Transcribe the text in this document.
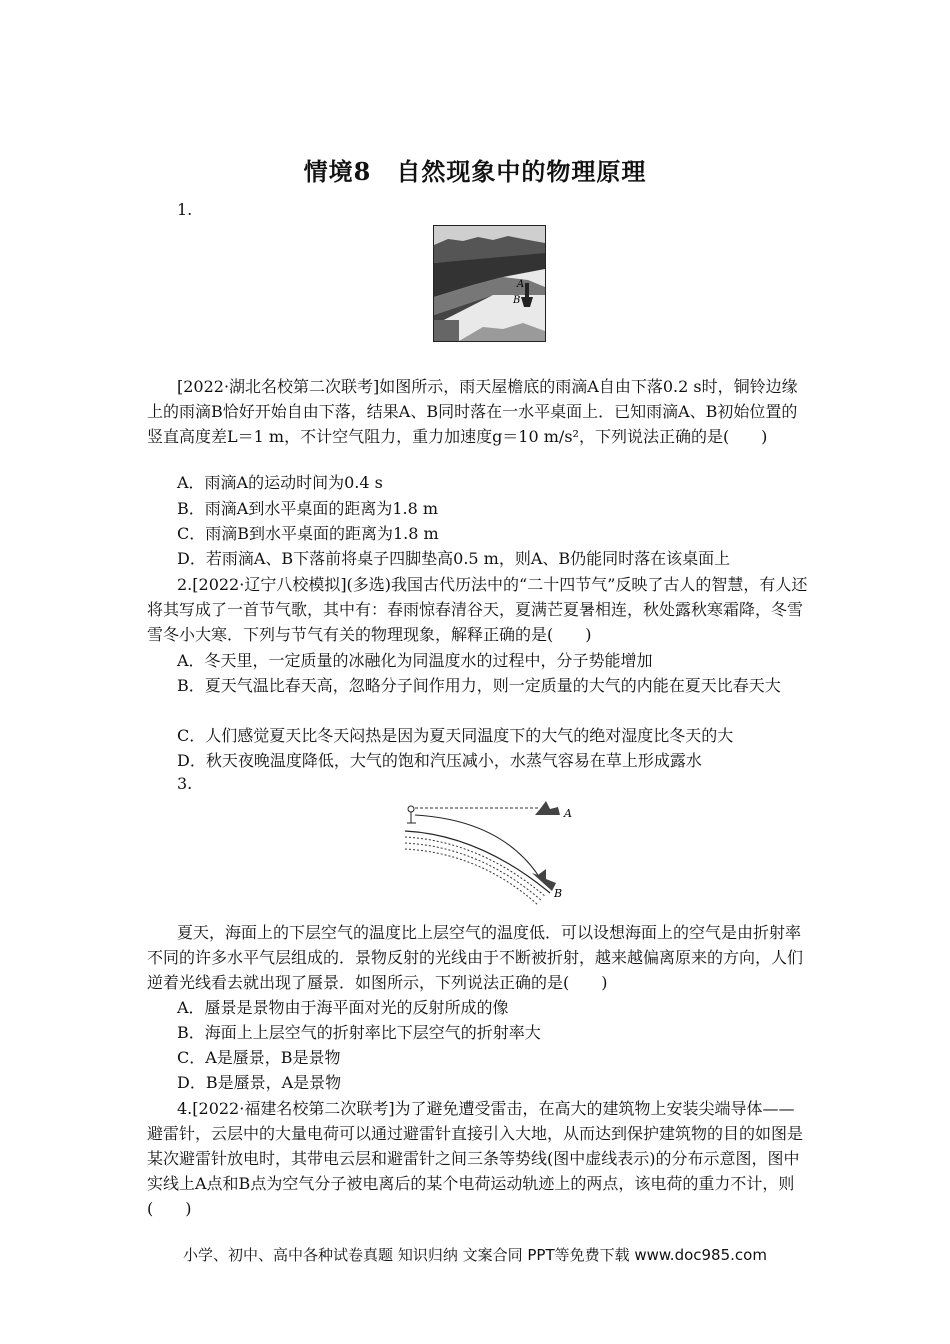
情境8　自然现象中的物理原理
1.
A
B
[2022·湖北名校第二次联考]如图所示，雨天屋檐底的雨滴A自由下落0.2 s时，铜铃边缘上的雨滴B恰好开始自由下落，结果A、B同时落在一水平桌面上．已知雨滴A、B初始位置的竖直高度差L＝1 m，不计空气阻力，重力加速度g＝10 m/s²，下列说法正确的是(　　)
A．雨滴A的运动时间为0.4 s
B．雨滴A到水平桌面的距离为1.8 m
C．雨滴B到水平桌面的距离为1.8 m
D．若雨滴A、B下落前将桌子四脚垫高0.5 m，则A、B仍能同时落在该桌面上
2.[2022·辽宁八校模拟](多选)我国古代历法中的“二十四节气”反映了古人的智慧，有人还将其写成了一首节气歌，其中有：春雨惊春清谷天，夏满芒夏暑相连，秋处露秋寒霜降，冬雪雪冬小大寒．下列与节气有关的物理现象，解释正确的是(　　)
A．冬天里，一定质量的冰融化为同温度水的过程中，分子势能增加
B．夏天气温比春天高，忽略分子间作用力，则一定质量的大气的内能在夏天比春天大
C．人们感觉夏天比冬天闷热是因为夏天同温度下的大气的绝对湿度比冬天的大
D．秋天夜晚温度降低，大气的饱和汽压减小，水蒸气容易在草上形成露水
3.
A
B
夏天，海面上的下层空气的温度比上层空气的温度低．可以设想海面上的空气是由折射率不同的许多水平气层组成的．景物反射的光线由于不断被折射，越来越偏离原来的方向，人们逆着光线看去就出现了蜃景．如图所示，下列说法正确的是(　　)
A．蜃景是景物由于海平面对光的反射所成的像
B．海面上上层空气的折射率比下层空气的折射率大
C．A是蜃景，B是景物
D．B是蜃景，A是景物
4.[2022·福建名校第二次联考]为了避免遭受雷击，在高大的建筑物上安装尖端导体——避雷针，云层中的大量电荷可以通过避雷针直接引入大地，从而达到保护建筑物的目的如图是某次避雷针放电时，其带电云层和避雷针之间三条等势线(图中虚线表示)的分布示意图，图中实线上A点和B点为空气分子被电离后的某个电荷运动轨迹上的两点，该电荷的重力不计，则(　　)
小学、初中、高中各种试卷真题 知识归纳 文案合同 PPT等免费下载 www.doc985.com
